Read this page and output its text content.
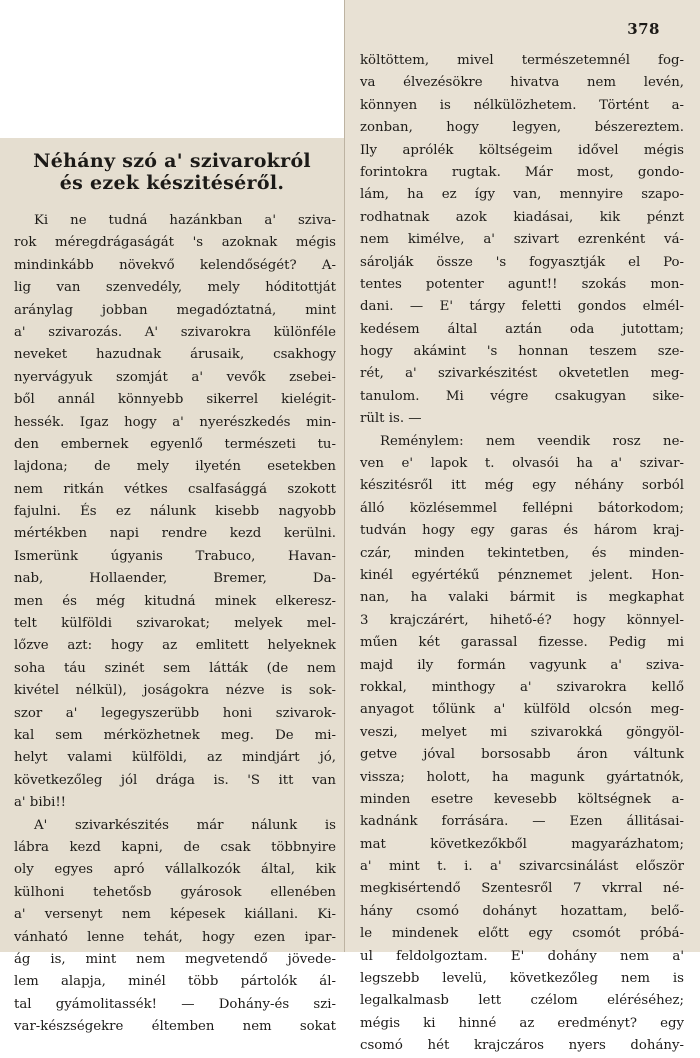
378
Néhány szó a' szivarokról
és ezek készitéséről.
Ki ne tudná hazánkban a' szivа-
rok méregdrágaságát 's azoknak mégis
mindinkább növekvő kelendőségét? A-
lig van szenvedély, mely hóditottját
aránylag jobban megadóztatná, mint
a' szivarozás. A' szivarokra különféle
neveket hazudnak árusaik, csakhogy
nyervágyuk szomját a' vevők zsebei-
ből annál könnyebb sikerrel kielégit-
hessék. Igaz hogy a' nyerészkedés min-
den embernek egyenlő természeti tu-
lajdona; de mely ilyetén esetekben
nem ritkán vétkes csalfasággá szokott
fajulni. És ez nálunk kisebb nagyobb
mértékben napi rendre kezd kerülni.
Ismerünk úgyanis Trabuco, Havan-
nab, Hollaender, Bremer, Da-
men és még kitudná minek elkeresz-
telt külföldi szivarokat; melyek mel-
lőzve azt: hogy az emlitett helyeknek
soha táu szinét sem látták (de nem
kivétel nélkül), joságokra nézve is sok-
szor a' legegyszerübb honi szivarok-
kal sem mérközhetnek meg. De mi-
helyt valami külföldi, az mindjárt jó,
következőleg jól drága is. 'S itt van
a' bibi!!
A' szivarkészités már nálunk is
lábra kezd kapni, de csak többnyire
oly egyes apró vállalkozók által, kik
külhoni tehetősb gyárosok ellenében
a' versenyt nem képesek kiállani. Ki-
vánható lenne tehát, hogy ezen ipar-
ág is, mint nem megvetendő jövede-
lem alapja, minél több pártolók ál-
tal gyámolitassék! — Dohány-és szi-
var-készségekre éltemben nem sokat
költöttem, mivel természetemnél fog-
va élvezésökre hivatva nem levén,
könnyen is nélkülözhetem. Történt a-
zonban, hogy legyen, bészereztem.
Ily aprólék költségeim idővel mégis
forintokra rugtak. Már most, gondo-
lám, ha ez így van, mennyire szapo-
rodhatnak azok kiadásai, kik pénzt
nem kimélve, a' szivart ezrenként vá-
sárolják össze 's fogyasztják el Po-
tentes potenter agunt!! szokás mon-
dani. — E' tárgy feletti gondos elmél-
kedésem által aztán oda jutottam;
hogy akáмint 's honnan teszem sze-
rét, a' szivarkészitést okvetetlen meg-
tanulom. Mi végre csakugyan sike-
rült is. —
Reménylem: nem veendik rosz ne-
ven e' lapok t. olvasói ha a' szivar-
készitésről itt még egy néhány sorból
álló közlésemmel fellépni bátorkodom;
tudván hogy egy garas és három kraj-
czár, minden tekintetben, és minden-
kinél egyértékű pénznemet jelent. Hon-
nan, ha valaki bármit is megkaphat
3 krajczárért, hihető-é? hogy könnyel-
műen két garassal fizesse. Pedig mi
majd ily formán vagyunk a' sziva-
rokkal, minthogy a' szivarokra kellő
anyagot tőlünk a' külföld olcsón meg-
veszi, melyet mi szivarokká göngyöl-
getve jóval borsosabb áron váltunk
vissza; holott, ha magunk gyártatnók,
minden esetre kevesebb költségnek a-
kadnánk forrására. — Ezen állitásai-
mat következőkből magyarázhatom;
a' mint t. i. a' szivarcsinálást először
megkisértendő Szentesről 7 vkrral né-
hány csomó dohányt hozattam, belő-
le mindenek előtt egy csomót próbá-
ul feldolgoztam. E' dohány nem a'
legszebb levelü, következőleg nem is
legalkalmasb lett czélom eléréséhez;
mégis ki hinné az eredményt? egy
csomó hét krajczáros nyers dohány-
